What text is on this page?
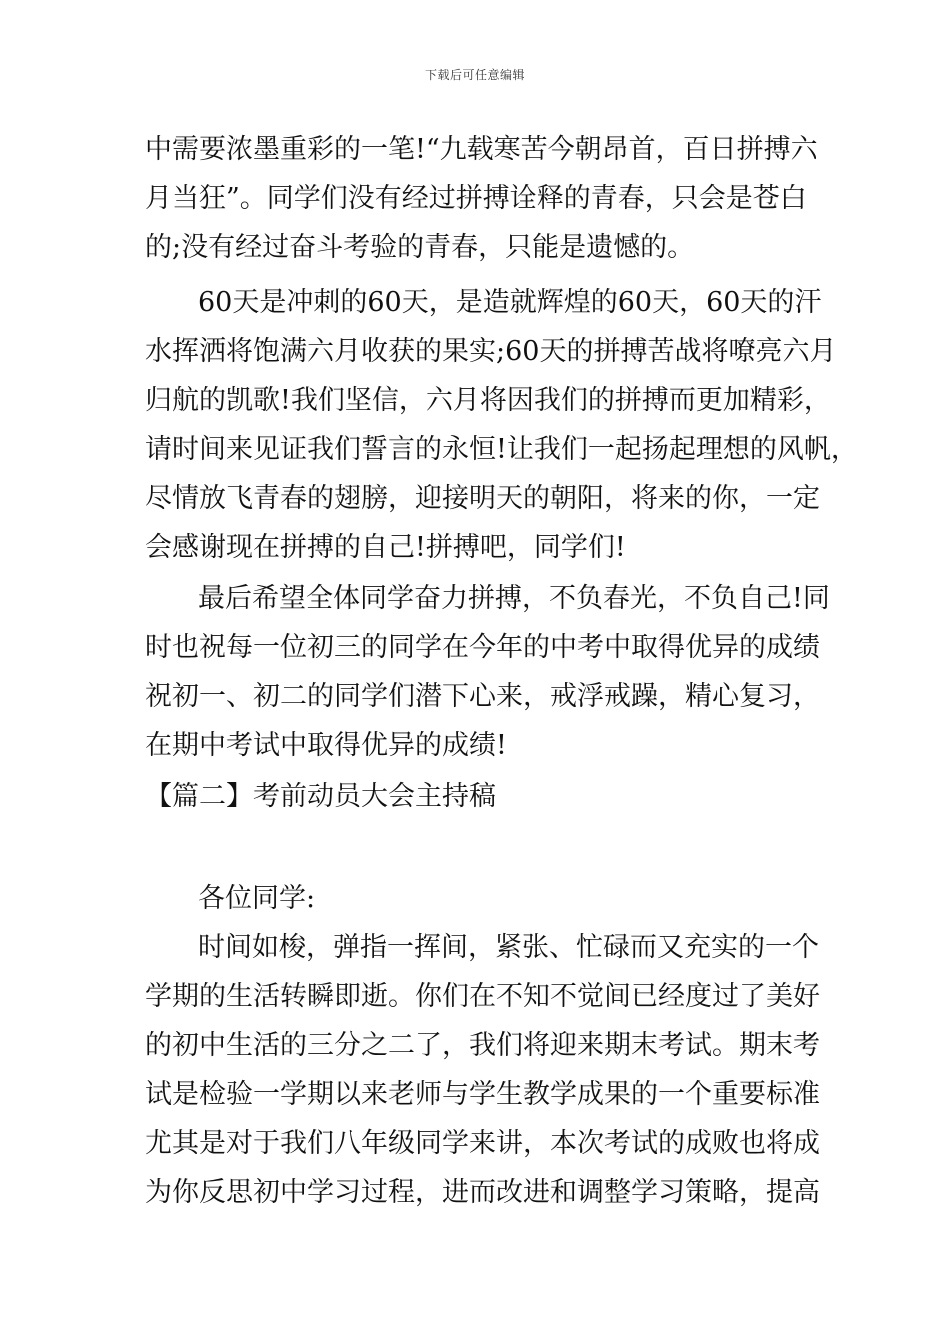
下载后可任意编辑
中需要浓墨重彩的一笔!“九载寒苦今朝昂首，百日拼搏六
月当狂”。同学们没有经过拼搏诠释的青春，只会是苍白
的;没有经过奋斗考验的青春，只能是遗憾的。
60天是冲刺的60天，是造就辉煌的60天，60天的汗
水挥洒将饱满六月收获的果实;60天的拼搏苦战将嘹亮六月
归航的凯歌!我们坚信，六月将因我们的拼搏而更加精彩，
请时间来见证我们誓言的永恒!让我们一起扬起理想的风帆，
尽情放飞青春的翅膀，迎接明天的朝阳，将来的你，一定
会感谢现在拼搏的自己!拼搏吧，同学们!
最后希望全体同学奋力拼搏，不负春光，不负自己!同
时也祝每一位初三的同学在今年的中考中取得优异的成绩
祝初一、初二的同学们潜下心来，戒浮戒躁，精心复习，
在期中考试中取得优异的成绩!
【篇二】考前动员大会主持稿
各位同学:
时间如梭，弹指一挥间，紧张、忙碌而又充实的一个
学期的生活转瞬即逝。你们在不知不觉间已经度过了美好
的初中生活的三分之二了，我们将迎来期末考试。期末考
试是检验一学期以来老师与学生教学成果的一个重要标准
尤其是对于我们八年级同学来讲，本次考试的成败也将成
为你反思初中学习过程，进而改进和调整学习策略，提高
